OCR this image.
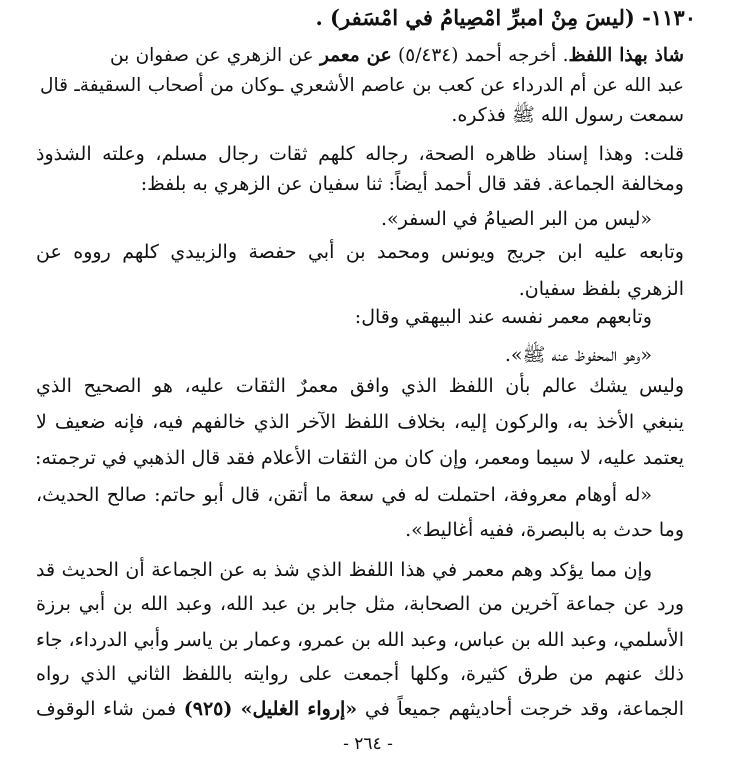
١١٣٠- (ليسَ مِنْ امبرِّ امْصِيامُ في امْسَفر) .
شاذ بهذا اللفظ. أخرجه أحمد (٥/٤٣٤) عن معمر عن الزهري عن صفوان بن
عبد الله عن أم الدرداء عن كعب بن عاصم الأشعري ـوكان من أصحاب السقيفةـ قال
سمعت رسول الله ﷺ فذكره.
قلت: وهذا إسناد ظاهره الصحة، رجاله كلهم ثقات رجال مسلم، وعلته الشذوذ
ومخالفة الجماعة. فقد قال أحمد أيضاً: ثنا سفيان عن الزهري به بلفظ:
«ليس من البر الصيامُ في السفر».
وتابعه عليه ابن جريج ويونس ومحمد بن أبي حفصة والزبيدي كلهم رووه عن
الزهري بلفظ سفيان.
وتابعهم معمر نفسه عند البيهقي وقال:
«وهو المحفوظ عنه ﷺ».
وليس يشك عالم بأن اللفظ الذي وافق معمرٌ الثقات عليه، هو الصحيح الذي
ينبغي الأخذ به، والركون إليه، بخلاف اللفظ الآخر الذي خالفهم فيه، فإنه ضعيف لا
يعتمد عليه، لا سيما ومعمر، وإن كان من الثقات الأعلام فقد قال الذهبي في ترجمته:
«له أوهام معروفة، احتملت له في سعة ما أتقن، قال أبو حاتم: صالح الحديث،
وما حدث به بالبصرة، ففيه أغاليط».
وإن مما يؤكد وهم معمر في هذا اللفظ الذي شذ به عن الجماعة أن الحديث قد
ورد عن جماعة آخرين من الصحابة، مثل جابر بن عبد الله، وعبد الله بن أبي برزة
الأسلمي، وعبد الله بن عباس، وعبد الله بن عمرو، وعمار بن ياسر وأبي الدرداء، جاء
ذلك عنهم من طرق كثيرة، وكلها أجمعت على روايته باللفظ الثاني الذي رواه
الجماعة، وقد خرجت أحاديثهم جميعاً في «إرواء الغليل» (٩٢٥) فمن شاء الوقوف
- ٢٦٤ -
